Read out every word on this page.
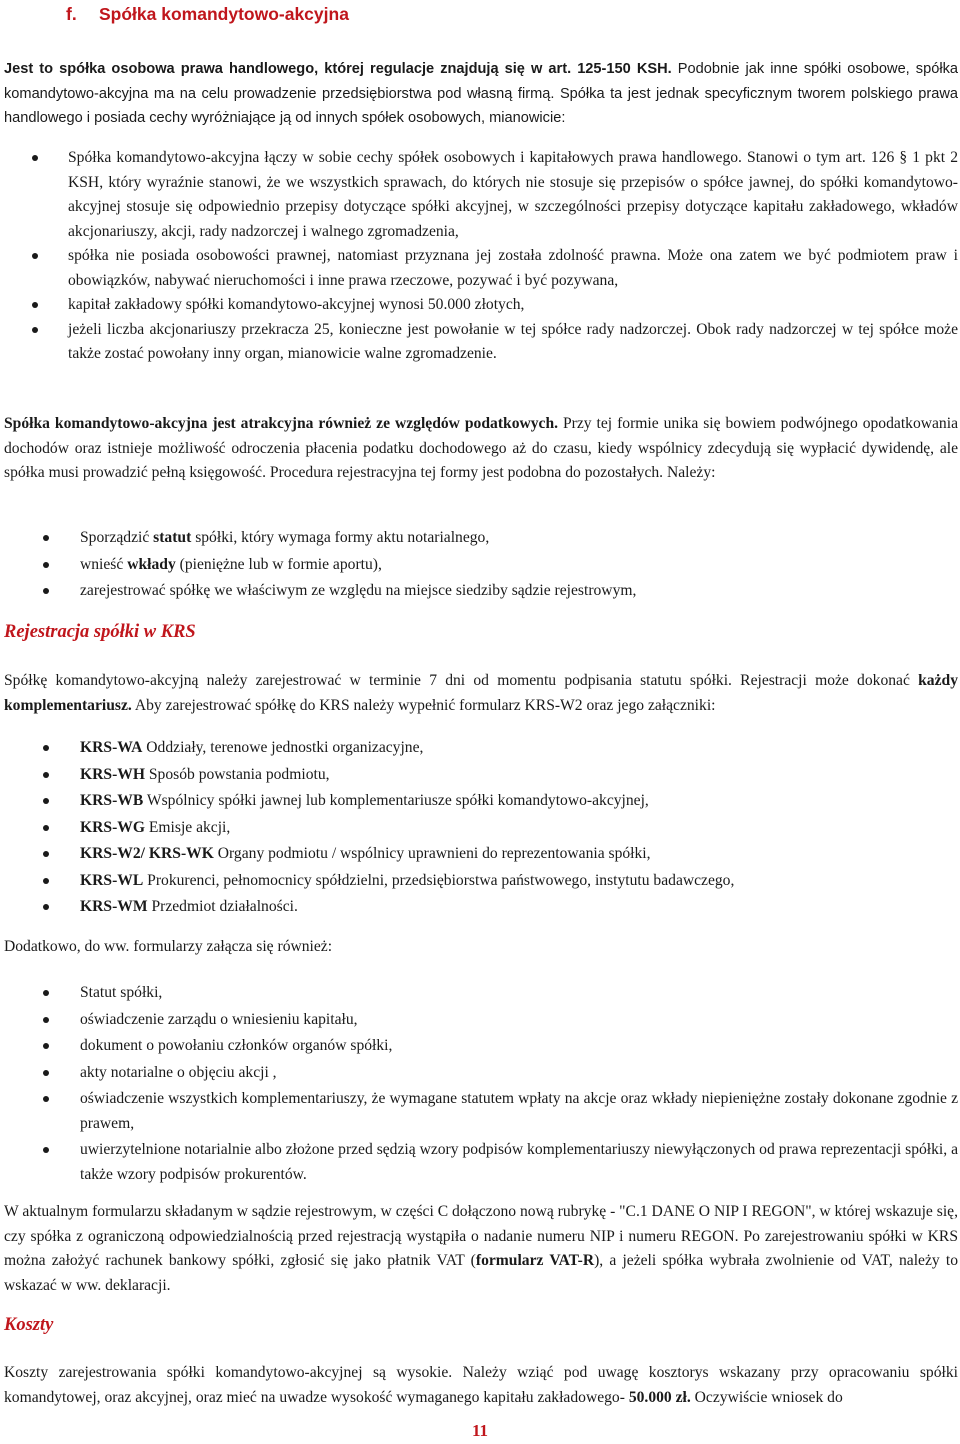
f. Spółka komandytowo-akcyjna

Jest to spółka osobowa prawa handlowego, której regulacje znajdują się w art. 125-150 KSH. Podobnie jak inne spółki osobowe, spółka komandytowo-akcyjna ma na celu prowadzenie przedsiębiorstwa pod własną firmą. Spółka ta jest jednak specyficznym tworem polskiego prawa handlowego i posiada cechy wyróżniające ją od innych spółek osobowych, mianowicie:

Spółka komandytowo-akcyjna łączy w sobie cechy spółek osobowych i kapitałowych prawa handlowego. Stanowi o tym art. 126 § 1 pkt 2 KSH, który wyraźnie stanowi, że we wszystkich sprawach, do których nie stosuje się przepisów o spółce jawnej, do spółki komandytowo-akcyjnej stosuje się odpowiednio przepisy dotyczące spółki akcyjnej, w szczególności przepisy dotyczące kapitału zakładowego, wkładów akcjonariuszy, akcji, rady nadzorczej i walnego zgromadzenia,
spółka nie posiada osobowości prawnej, natomiast przyznana jej została zdolność prawna. Może ona zatem we być podmiotem praw i obowiązków, nabywać nieruchomości i inne prawa rzeczowe, pozywać i być pozywana,
kapitał zakładowy spółki komandytowo-akcyjnej wynosi 50.000 złotych,
jeżeli liczba akcjonariuszy przekracza 25, konieczne jest powołanie w tej spółce rady nadzorczej. Obok rady nadzorczej w tej spółce może także zostać powołany inny organ, mianowicie walne zgromadzenie.

Spółka komandytowo-akcyjna jest atrakcyjna również ze względów podatkowych. Przy tej formie unika się bowiem podwójnego opodatkowania dochodów oraz istnieje możliwość odroczenia płacenia podatku dochodowego aż do czasu, kiedy wspólnicy zdecydują się wypłacić dywidendę, ale spółka musi prowadzić pełną księgowość. Procedura rejestracyjna tej formy jest podobna do pozostałych. Należy:

Sporządzić statut spółki, który wymaga formy aktu notarialnego,
wnieść wkłady (pieniężne lub w formie aportu),
zarejestrować spółkę we właściwym ze względu na miejsce siedziby sądzie rejestrowym,
Rejestracja spółki w KRS

Spółkę komandytowo-akcyjną należy zarejestrować w terminie 7 dni od momentu podpisania statutu spółki. Rejestracji może dokonać każdy komplementariusz. Aby zarejestrować spółkę do KRS należy wypełnić formularz KRS-W2 oraz jego załączniki:

KRS-WA Oddziały, terenowe jednostki organizacyjne,
KRS-WH Sposób powstania podmiotu,
KRS-WB Wspólnicy spółki jawnej lub komplementariusze spółki komandytowo-akcyjnej,
KRS-WG Emisje akcji,
KRS-W2/ KRS-WK Organy podmiotu / wspólnicy uprawnieni do reprezentowania spółki,
KRS-WL Prokurenci, pełnomocnicy spółdzielni, przedsiębiorstwa państwowego, instytutu badawczego,
KRS-WM Przedmiot działalności.

Dodatkowo, do ww. formularzy załącza się również:

Statut spółki,
oświadczenie zarządu o wniesieniu kapitału,
dokument o powołaniu członków organów spółki,
akty notarialne o objęciu akcji ,
oświadczenie wszystkich komplementariuszy, że wymagane statutem wpłaty na akcje oraz wkłady niepieniężne zostały dokonane zgodnie z prawem,
uwierzytelnione notarialnie albo złożone przed sędzią wzory podpisów komplementariuszy niewyłączonych od prawa reprezentacji spółki, a także wzory podpisów prokurentów.

W aktualnym formularzu składanym w sądzie rejestrowym, w części C dołączono nową rubrykę - "C.1 DANE O NIP I REGON", w której wskazuje się, czy spółka z ograniczoną odpowiedzialnością przed rejestracją wystąpiła o nadanie numeru NIP i numeru REGON. Po zarejestrowaniu spółki w KRS można założyć rachunek bankowy spółki, zgłosić się jako płatnik VAT (formularz VAT-R), a jeżeli spółka wybrała zwolnienie od VAT, należy to wskazać w ww. deklaracji.

Koszty

Koszty zarejestrowania spółki komandytowo-akcyjnej są wysokie. Należy wziąć pod uwagę kosztorys wskazany przy opracowaniu spółki komandytowej, oraz akcyjnej, oraz mieć na uwadze wysokość wymaganego kapitału zakładowego- 50.000 zł. Oczywiście wniosek do

11
